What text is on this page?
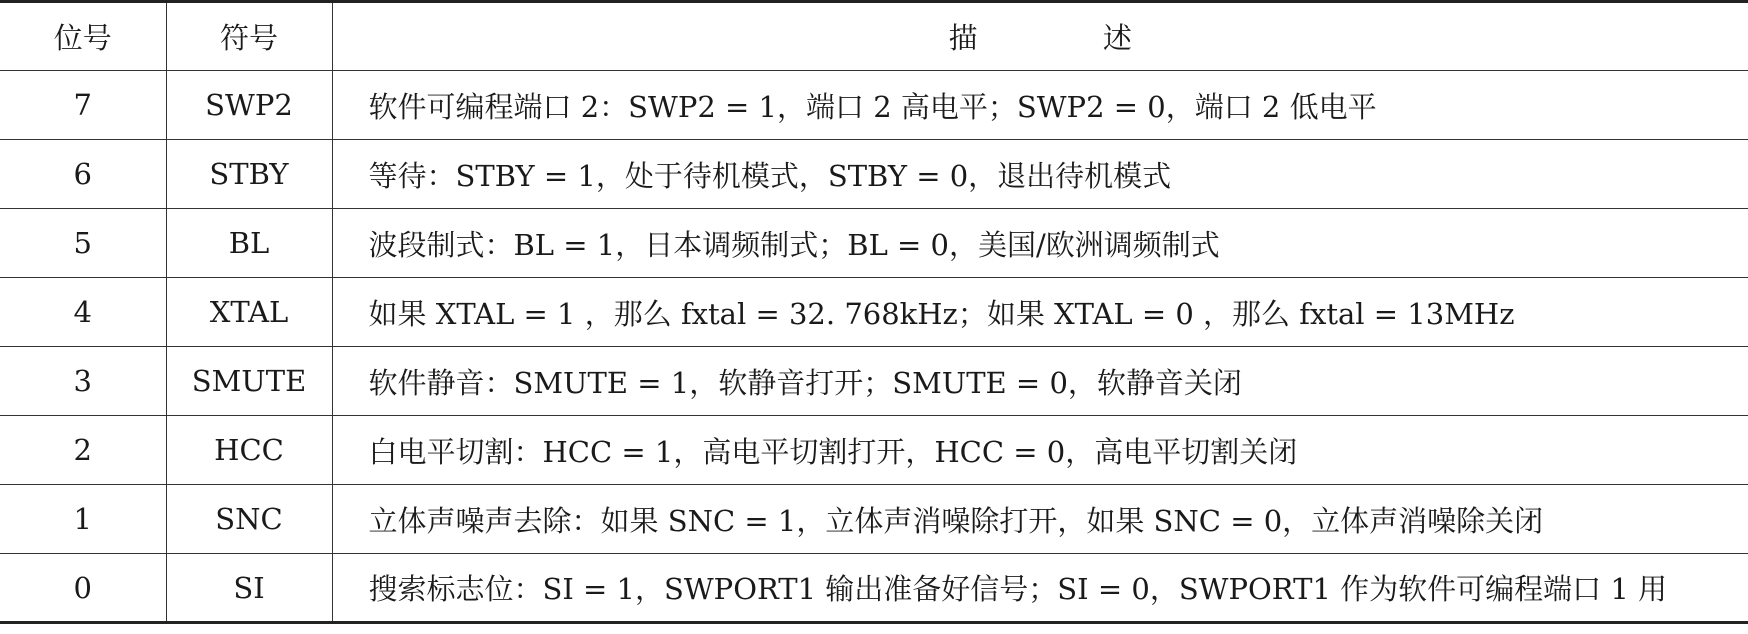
位号	符号	描 述
7	SWP2	软件可编程端口 2：SWP2 = 1，端口 2 高电平；SWP2 = 0，端口 2 低电平
6	STBY	等待：STBY = 1，处于待机模式，STBY = 0，退出待机模式
5	BL	波段制式：BL = 1，日本调频制式；BL = 0，美国/欧洲调频制式
4	XTAL	如果 XTAL = 1 ，那么 fxtal = 32. 768kHz；如果 XTAL = 0 ，那么 fxtal = 13MHz
3	SMUTE	软件静音：SMUTE = 1，软静音打开；SMUTE = 0，软静音关闭
2	HCC	白电平切割：HCC = 1，高电平切割打开，HCC = 0，高电平切割关闭
1	SNC	立体声噪声去除：如果 SNC = 1，立体声消噪除打开，如果 SNC = 0，立体声消噪除关闭
0	SI	搜索标志位：SI = 1，SWPORT1 输出准备好信号；SI = 0，SWPORT1 作为软件可编程端口 1 用
